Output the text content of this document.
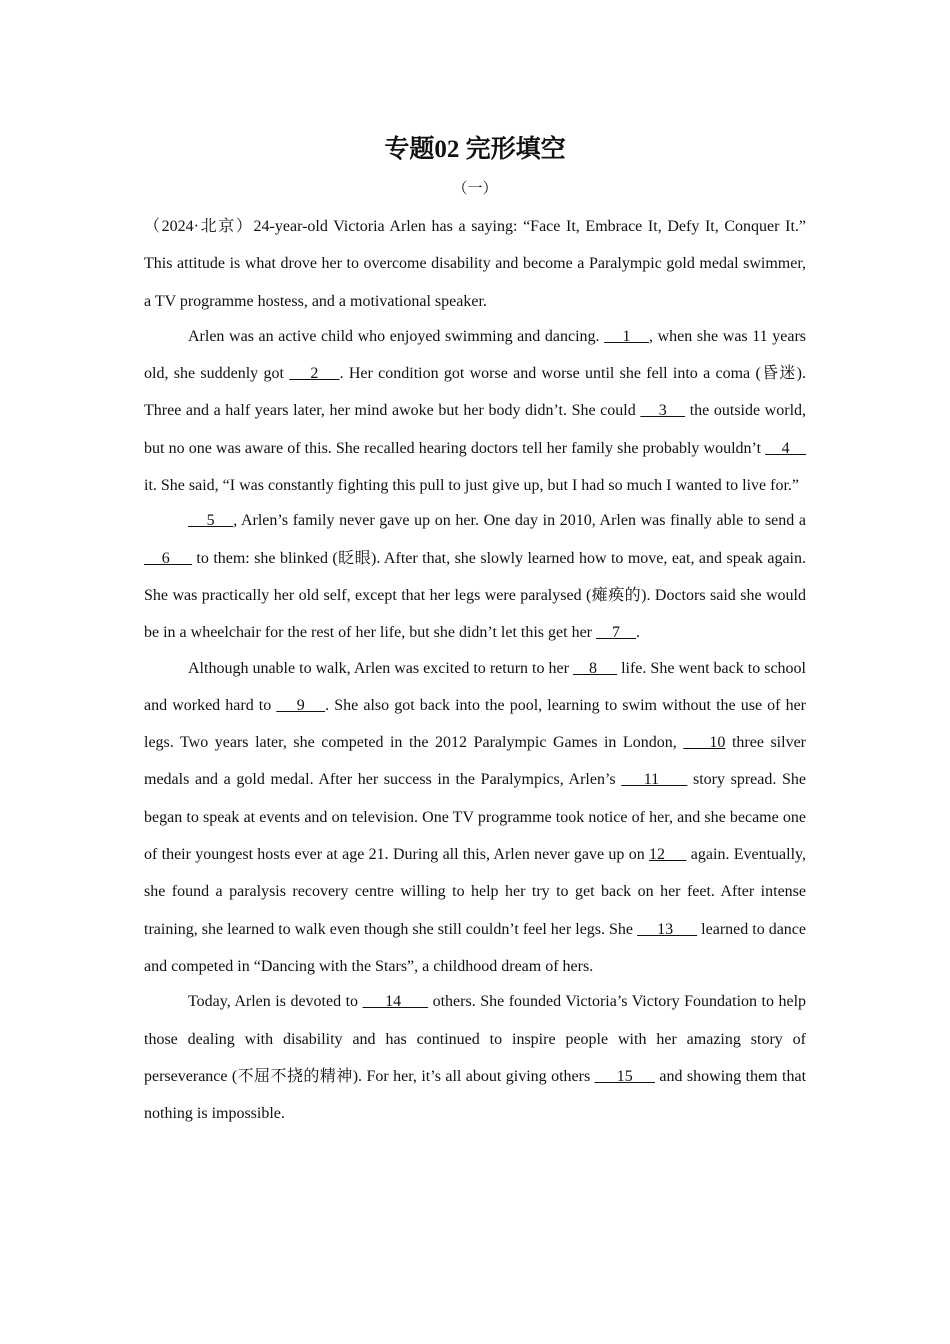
专题02 完形填空
（一）

（2024·北京）24-year-old Victoria Arlen has a saying: “Face It, Embrace It, Defy It, Conquer It.” This attitude is what drove her to overcome disability and become a Paralympic gold medal swimmer, a TV programme hostess, and a motivational speaker.

Arlen was an active child who enjoyed swimming and dancing.     1    , when she was 11 years old, she suddenly got     2    . Her condition got worse and worse until she fell into a coma (昏迷). Three and a half years later, her mind awoke but her body didn’t. She could     3     the outside world, but no one was aware of this. She recalled hearing doctors tell her family she probably wouldn’t     4     it. She said, “I was constantly fighting this pull to just give up, but I had so much I wanted to live for.”

5    , Arlen’s family never gave up on her. One day in 2010, Arlen was finally able to send a     6      to them: she blinked (眨眼). After that, she slowly learned how to move, eat, and speak again. She was practically her old self, except that her legs were paralysed (瘫痪的). Doctors said she would be in a wheelchair for the rest of her life, but she didn’t let this get her     7    .

Although unable to walk, Arlen was excited to return to her     8      life. She went back to school and worked hard to     9    . She also got back into the pool, learning to swim without the use of her legs. Two years later, she competed in the 2012 Paralympic Games in London,     10 three silver medals and a gold medal. After her success in the Paralympics, Arlen’s     11      story spread. She began to speak at events and on television. One TV programme took notice of her, and she became one of their youngest hosts ever at age 21. During all this, Arlen never gave up on 12      again. Eventually, she found a paralysis recovery centre willing to help her try to get back on her feet. After intense training, she learned to walk even though she still couldn’t feel her legs. She      13       learned to dance and competed in “Dancing with the Stars”, a childhood dream of hers.

Today, Arlen is devoted to      14       others. She founded Victoria’s Victory Foundation to help those dealing with disability and has continued to inspire people with her amazing story of perseverance (不屈不挠的精神). For her, it’s all about giving others      15      and showing them that nothing is impossible.
